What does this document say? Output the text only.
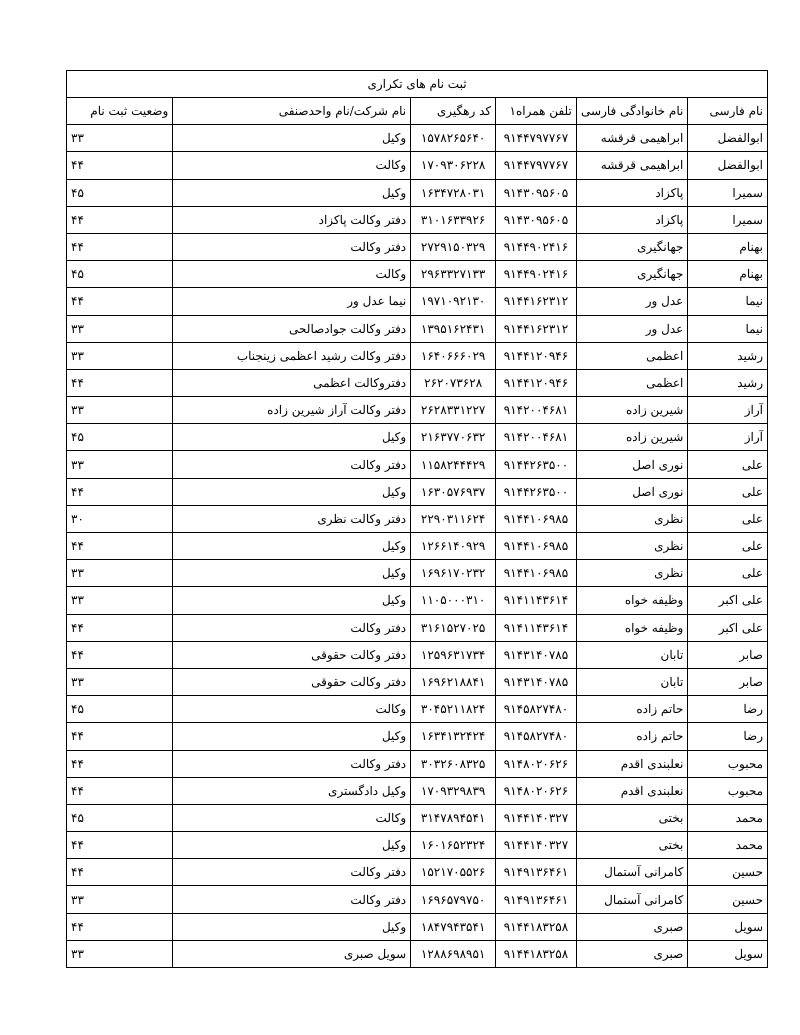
ثبت نام های تکراری					
نام فارسی	نام خانوادگی فارسی	تلفن همراه۱	کد رهگیری	نام شرکت/نام واحدصنفی	وضعیت ثبت نام
ابوالفضل	ابراهیمی قرقشه	۹۱۴۴۷۹۷۷۶۷	۱۵۷۸۲۶۵۶۴۰	وکیل	۳۳
ابوالفضل	ابراهیمی قرقشه	۹۱۴۴۷۹۷۷۶۷	۱۷۰۹۳۰۶۲۲۸	وکالت	۴۴
سمیرا	پاکزاد	۹۱۴۳۰۹۵۶۰۵	۱۶۳۴۷۲۸۰۳۱	وکیل	۴۵
سمیرا	پاکزاد	۹۱۴۳۰۹۵۶۰۵	۳۱۰۱۶۳۳۹۲۶	دفتر وکالت پاکزاد	۴۴
بهنام	جهانگیری	۹۱۴۴۹۰۲۴۱۶	۲۷۲۹۱۵۰۳۲۹	دفتر وکالت	۴۴
بهنام	جهانگیری	۹۱۴۴۹۰۲۴۱۶	۲۹۶۳۳۲۷۱۳۳	وکالت	۴۵
نیما	عدل ور	۹۱۴۴۱۶۲۳۱۲	۱۹۷۱۰۹۲۱۳۰	نیما عدل ور	۴۴
نیما	عدل ور	۹۱۴۴۱۶۲۳۱۲	۱۳۹۵۱۶۲۴۳۱	دفتر وکالت جوادصالحی	۳۳
رشید	اعظمی	۹۱۴۴۱۲۰۹۴۶	۱۶۴۰۶۶۶۰۲۹	دفتر وکالت رشید اعظمی زینجناب	۳۳
رشید	اعظمی	۹۱۴۴۱۲۰۹۴۶	۲۶۲۰۷۳۶۲۸	دفتروکالت اعظمی	۴۴
آراز	شیرین زاده	۹۱۴۲۰۰۴۶۸۱	۲۶۲۸۳۳۱۲۲۷	دفتر وکالت آراز شیرین زاده	۳۳
آراز	شیرین زاده	۹۱۴۲۰۰۴۶۸۱	۲۱۶۳۷۷۰۶۳۲	وکیل	۴۵
علی	نوری اصل	۹۱۴۴۲۶۳۵۰۰	۱۱۵۸۲۴۴۴۲۹	دفتر وکالت	۳۳
علی	نوری اصل	۹۱۴۴۲۶۳۵۰۰	۱۶۳۰۵۷۶۹۳۷	وکیل	۴۴
علی	نظری	۹۱۴۴۱۰۶۹۸۵	۲۲۹۰۳۱۱۶۲۴	دفتر وکالت نظری	۳۰
علی	نظری	۹۱۴۴۱۰۶۹۸۵	۱۲۶۶۱۴۰۹۲۹	وکیل	۴۴
علی	نظری	۹۱۴۴۱۰۶۹۸۵	۱۶۹۶۱۷۰۲۳۲	وکیل	۳۳
علی اکبر	وظیفه خواه	۹۱۴۱۱۴۳۶۱۴	۱۱۰۵۰۰۰۳۱۰	وکیل	۳۳
علی اکبر	وظیفه خواه	۹۱۴۱۱۴۳۶۱۴	۳۱۶۱۵۲۷۰۲۵	دفتر وکالت	۴۴
صابر	تابان	۹۱۴۳۱۴۰۷۸۵	۱۲۵۹۶۳۱۷۳۴	دفتر وکالت حقوقی	۴۴
صابر	تابان	۹۱۴۳۱۴۰۷۸۵	۱۶۹۶۲۱۸۸۴۱	دفتر وکالت حقوقی	۳۳
رضا	حاتم زاده	۹۱۴۵۸۲۷۴۸۰	۳۰۴۵۲۱۱۸۲۴	وکالت	۴۵
رضا	حاتم زاده	۹۱۴۵۸۲۷۴۸۰	۱۶۳۴۱۳۲۴۲۴	وکیل	۴۴
محبوب	نعلبندی اقدم	۹۱۴۸۰۲۰۶۲۶	۳۰۳۲۶۰۸۳۲۵	دفتر وکالت	۴۴
محبوب	نعلبندی اقدم	۹۱۴۸۰۲۰۶۲۶	۱۷۰۹۳۲۹۸۳۹	وکیل دادگستری	۴۴
محمد	بختی	۹۱۴۴۱۴۰۳۲۷	۳۱۴۷۸۹۴۵۴۱	وکالت	۴۵
محمد	بختی	۹۱۴۴۱۴۰۳۲۷	۱۶۰۱۶۵۲۳۲۴	وکیل	۴۴
حسین	کامرانی آستمال	۹۱۴۹۱۳۶۴۶۱	۱۵۲۱۷۰۵۵۲۶	دفتر وکالت	۴۴
حسین	کامرانی آستمال	۹۱۴۹۱۳۶۴۶۱	۱۶۹۶۵۷۹۷۵۰	دفتر وکالت	۳۳
سویل	صبری	۹۱۴۴۱۸۳۲۵۸	۱۸۴۷۹۴۳۵۴۱	وکیل	۴۴
سویل	صبری	۹۱۴۴۱۸۳۲۵۸	۱۲۸۸۶۹۸۹۵۱	سویل صبری	۳۳
